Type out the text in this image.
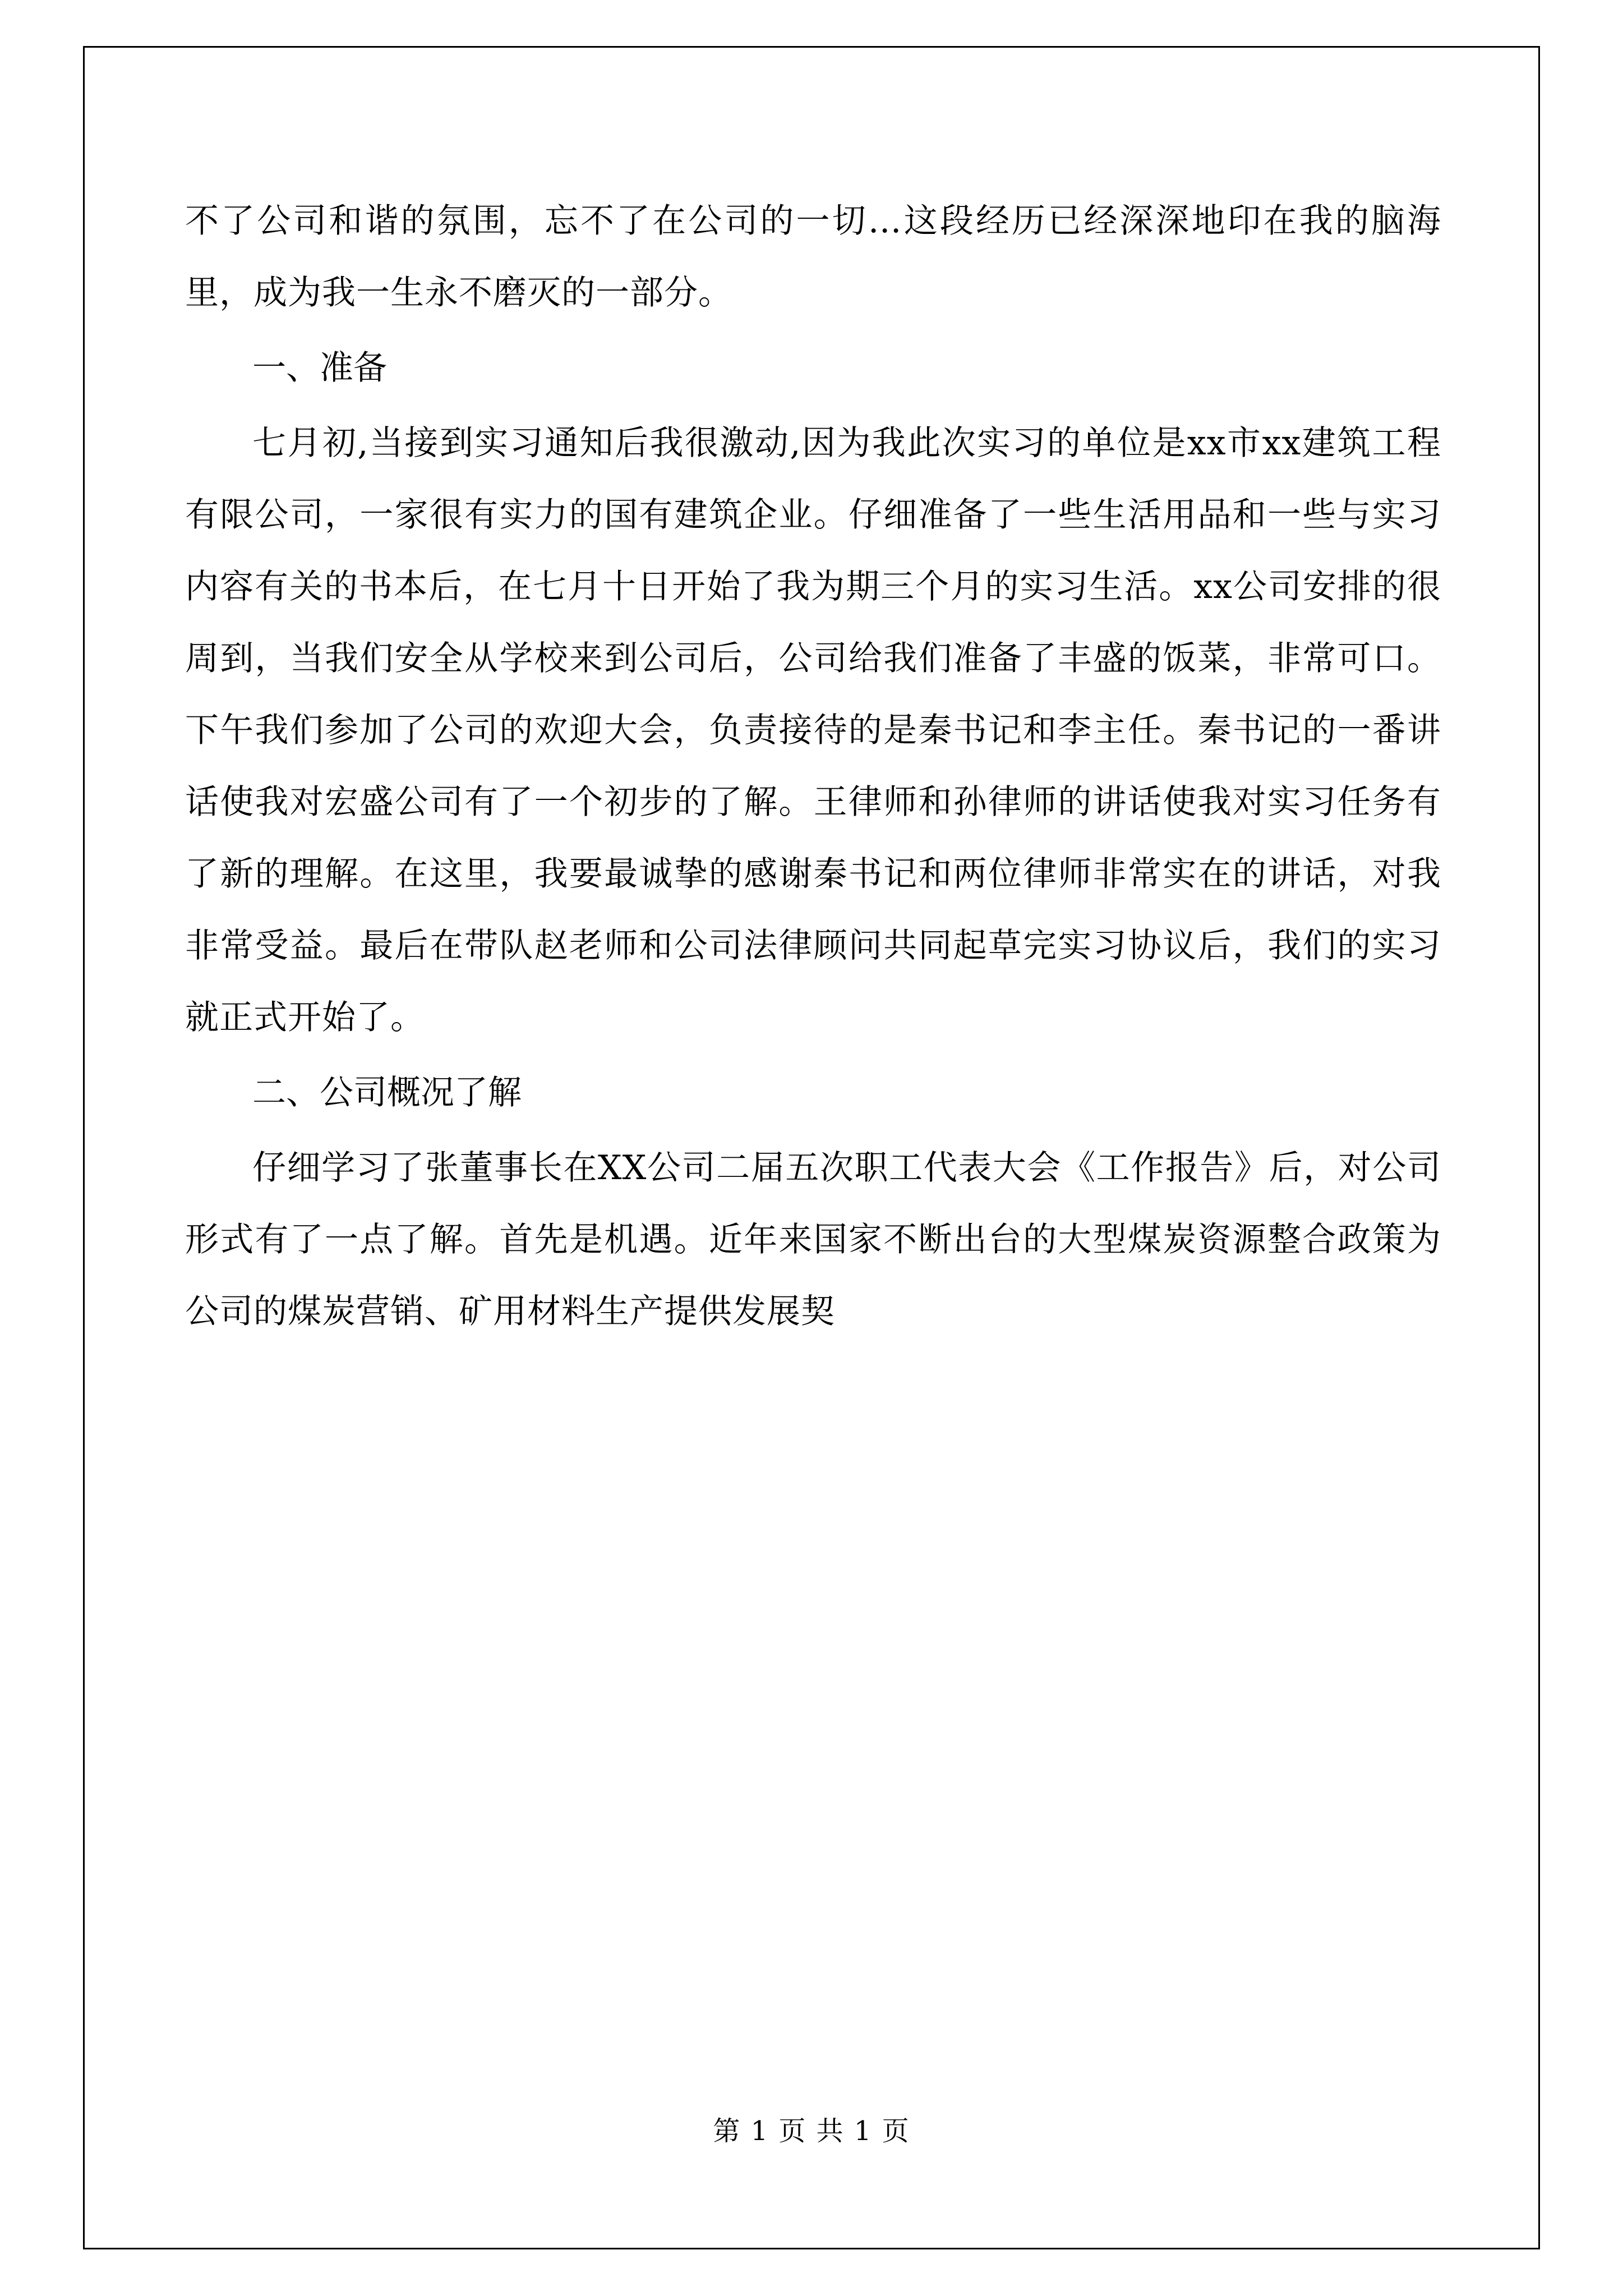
不了公司和谐的氛围，忘不了在公司的一切…这段经历已经深深地印在我的脑海里，成为我一生永不磨灭的一部分。

一、准备

七月初,当接到实习通知后我很激动,因为我此次实习的单位是xx市xx建筑工程有限公司，一家很有实力的国有建筑企业。仔细准备了一些生活用品和一些与实习内容有关的书本后，在七月十日开始了我为期三个月的实习生活。xx公司安排的很周到，当我们安全从学校来到公司后，公司给我们准备了丰盛的饭菜，非常可口。下午我们参加了公司的欢迎大会，负责接待的是秦书记和李主任。秦书记的一番讲话使我对宏盛公司有了一个初步的了解。王律师和孙律师的讲话使我对实习任务有了新的理解。在这里，我要最诚挚的感谢秦书记和两位律师非常实在的讲话，对我非常受益。最后在带队赵老师和公司法律顾问共同起草完实习协议后，我们的实习就正式开始了。

二、公司概况了解

仔细学习了张董事长在XX公司二届五次职工代表大会《工作报告》后，对公司形式有了一点了解。首先是机遇。近年来国家不断出台的大型煤炭资源整合政策为公司的煤炭营销、矿用材料生产提供发展契

第 1 页 共 1 页
